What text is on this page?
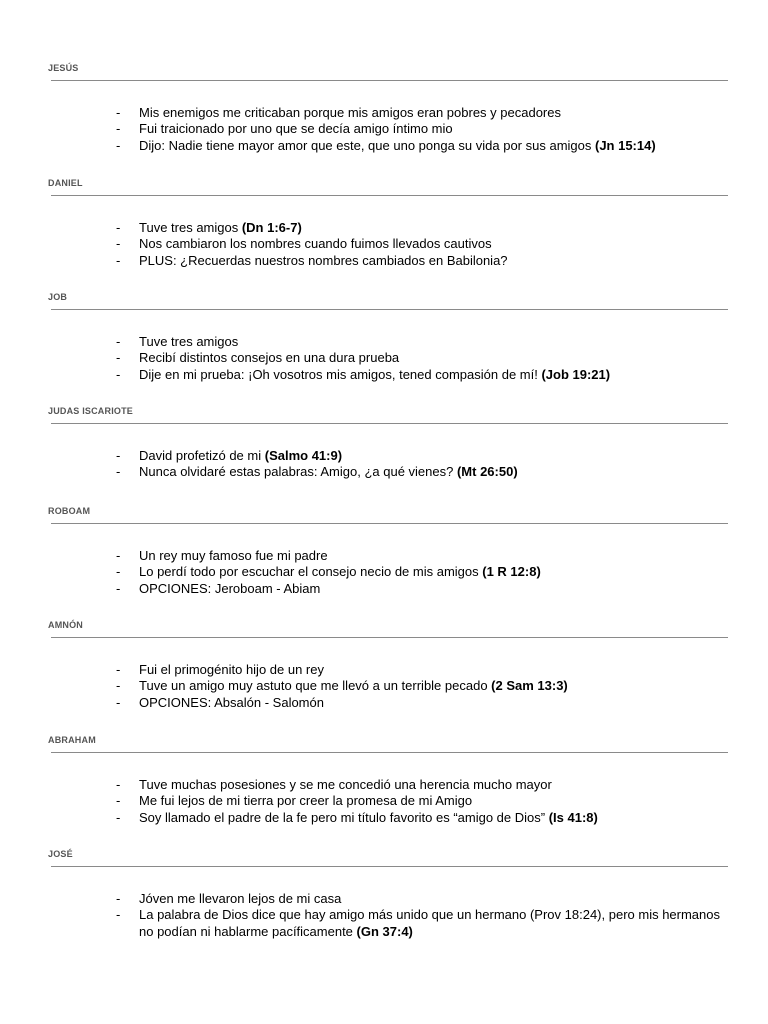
JESÚS
- Mis enemigos me criticaban porque mis amigos eran pobres y pecadores
- Fui traicionado por uno que se decía amigo íntimo mio
- Dijo: Nadie tiene mayor amor que este, que uno ponga su vida por sus amigos (Jn 15:14)
DANIEL
- Tuve tres amigos (Dn 1:6-7)
- Nos cambiaron los nombres cuando fuimos llevados cautivos
- PLUS: ¿Recuerdas nuestros nombres cambiados en Babilonia?
JOB
- Tuve tres amigos
- Recibí distintos consejos en una dura prueba
- Dije en mi prueba: ¡Oh vosotros mis amigos, tened compasión de mí! (Job 19:21)
JUDAS ISCARIOTE
- David profetizó de mi (Salmo 41:9)
- Nunca olvidaré estas palabras: Amigo, ¿a qué vienes? (Mt 26:50)
ROBOAM
- Un rey muy famoso fue mi padre
- Lo perdí todo por escuchar el consejo necio de mis amigos (1 R 12:8)
- OPCIONES: Jeroboam - Abiam
AMNÓN
- Fui el primogénito hijo de un rey
- Tuve un amigo muy astuto que me llevó a un terrible pecado (2 Sam 13:3)
- OPCIONES: Absalón - Salomón
ABRAHAM
- Tuve muchas posesiones y se me concedió una herencia mucho mayor
- Me fui lejos de mi tierra por creer la promesa de mi Amigo
- Soy llamado el padre de la fe pero mi título favorito es “amigo de Dios” (Is 41:8)
JOSÉ
- Jóven me llevaron lejos de mi casa
- La palabra de Dios dice que hay amigo más unido que un hermano (Prov 18:24), pero mis hermanos no podían ni hablarme pacíficamente (Gn 37:4)
